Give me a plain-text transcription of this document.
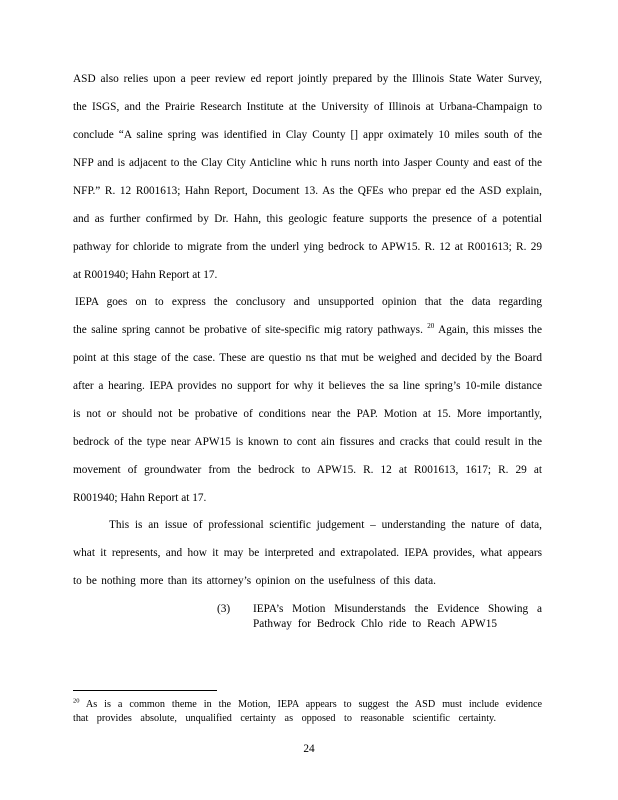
ASD also relies upon a peer review ed report jointly prepared by the Illinois State Water Survey,
the ISGS, and the Prairie Research Institute at the University of Illinois at Urbana-Champaign to
conclude “A saline spring was identified in Clay County [] appr oximately 10 miles south of the
NFP and is adjacent to the Clay City Anticline whic h runs north into Jasper County and east of the
NFP.” R. 12 R001613; Hahn Report, Document 13. As the QFEs who prepar ed the ASD explain,
and as further confirmed by Dr. Hahn, this geologic feature supports the presence of a potential
pathway for chloride to migrate from the underl ying bedrock to APW15. R. 12 at R001613; R. 29
at R001940; Hahn Report at 17.
IEPA goes on to express the conclusory and unsupported opinion that the data regarding
the saline spring cannot be probative of site-specific mig ratory pathways. $^{20}$ Again, this misses the
point at this stage of the case. These are questio ns that mut be weighed and decided by the Board
after a hearing. IEPA provides no support for why it believes the sa line spring’s 10-mile distance
is not or should not be probative of conditions near the PAP. Motion at 15. More importantly,
bedrock of the type near APW15 is known to cont ain fissures and cracks that could result in the
movement of groundwater from the bedrock to APW15. R. 12 at R001613, 1617; R. 29 at
R001940; Hahn Report at 17.
This is an issue of professional scientific judgement – understanding the nature of data,
what it represents, and how it may be interpreted and extrapolated. IEPA provides, what appears
to be nothing more than its attorney’s opinion on the usefulness of this data.
(3) IEPA’s Motion Misunderstands the Evidence Showing a
Pathway for Bedrock Chlo ride to Reach APW15
$^{20}$ As is a common theme in the Motion, IEPA appears to suggest the ASD must include evidence
that provides absolute, unqualified certainty as opposed to reasonable scientific certainty.
24
